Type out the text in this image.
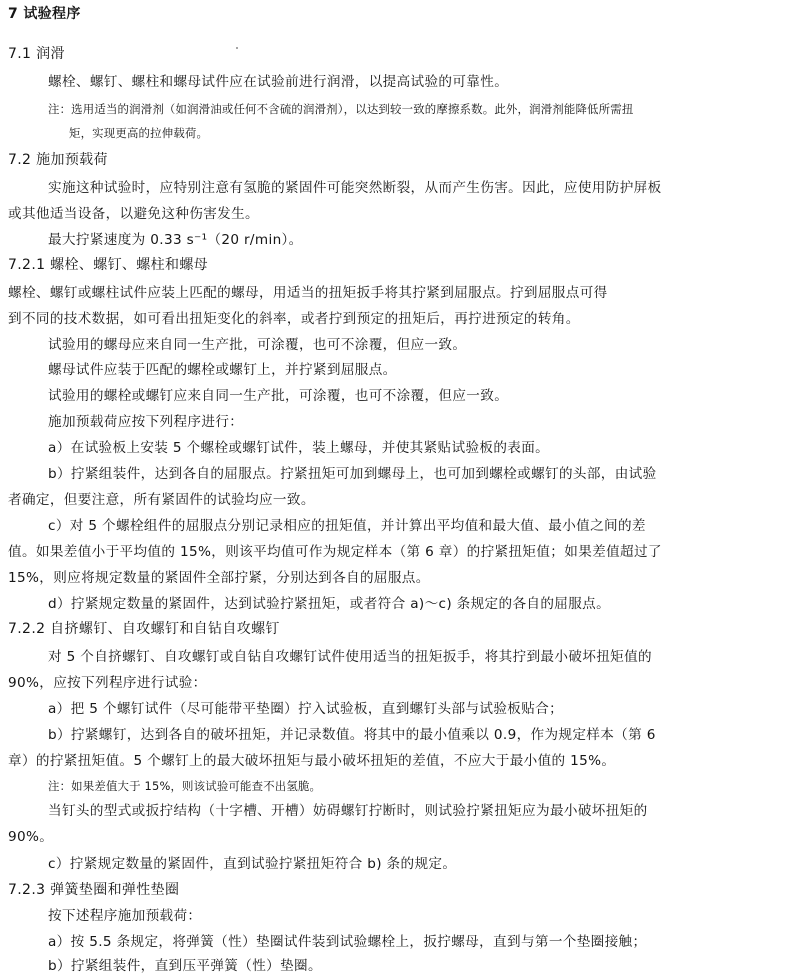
7 试验程序
7.1 润滑
螺栓、螺钉、螺柱和螺母试件应在试验前进行润滑，以提高试验的可靠性。
注：选用适当的润滑剂（如润滑油或任何不含硫的润滑剂），以达到较一致的摩擦系数。此外，润滑剂能降低所需扭
矩，实现更高的拉伸载荷。
7.2 施加预载荷
实施这种试验时，应特别注意有氢脆的紧固件可能突然断裂，从而产生伤害。因此，应使用防护屏板
或其他适当设备，以避免这种伤害发生。
最大拧紧速度为 0.33 s⁻¹（20 r/min）。
7.2.1 螺栓、螺钉、螺柱和螺母
螺栓、螺钉或螺柱试件应装上匹配的螺母，用适当的扭矩扳手将其拧紧到屈服点。拧到屈服点可得
到不同的技术数据，如可看出扭矩变化的斜率，或者拧到预定的扭矩后，再拧进预定的转角。
试验用的螺母应来自同一生产批，可涂覆，也可不涂覆，但应一致。
螺母试件应装于匹配的螺栓或螺钉上，并拧紧到屈服点。
试验用的螺栓或螺钉应来自同一生产批，可涂覆，也可不涂覆，但应一致。
施加预载荷应按下列程序进行：
a）在试验板上安装 5 个螺栓或螺钉试件，装上螺母，并使其紧贴试验板的表面。
b）拧紧组装件，达到各自的屈服点。拧紧扭矩可加到螺母上，也可加到螺栓或螺钉的头部，由试验
者确定，但要注意，所有紧固件的试验均应一致。
c）对 5 个螺栓组件的屈服点分别记录相应的扭矩值，并计算出平均值和最大值、最小值之间的差
值。如果差值小于平均值的 15%，则该平均值可作为规定样本（第 6 章）的拧紧扭矩值；如果差值超过了
15%，则应将规定数量的紧固件全部拧紧，分别达到各自的屈服点。
d）拧紧规定数量的紧固件，达到试验拧紧扭矩，或者符合 a)～c) 条规定的各自的屈服点。
7.2.2 自挤螺钉、自攻螺钉和自钻自攻螺钉
对 5 个自挤螺钉、自攻螺钉或自钻自攻螺钉试件使用适当的扭矩扳手，将其拧到最小破坏扭矩值的
90%，应按下列程序进行试验：
a）把 5 个螺钉试件（尽可能带平垫圈）拧入试验板，直到螺钉头部与试验板贴合；
b）拧紧螺钉，达到各自的破坏扭矩，并记录数值。将其中的最小值乘以 0.9，作为规定样本（第 6
章）的拧紧扭矩值。5 个螺钉上的最大破坏扭矩与最小破坏扭矩的差值，不应大于最小值的 15%。
注：如果差值大于 15%，则该试验可能查不出氢脆。
当钉头的型式或扳拧结构（十字槽、开槽）妨碍螺钉拧断时，则试验拧紧扭矩应为最小破坏扭矩的
90%。
c）拧紧规定数量的紧固件，直到试验拧紧扭矩符合 b) 条的规定。
7.2.3 弹簧垫圈和弹性垫圈
按下述程序施加预载荷：
a）按 5.5 条规定，将弹簧（性）垫圈试件装到试验螺栓上，扳拧螺母，直到与第一个垫圈接触；
b）拧紧组装件，直到压平弹簧（性）垫圈。
